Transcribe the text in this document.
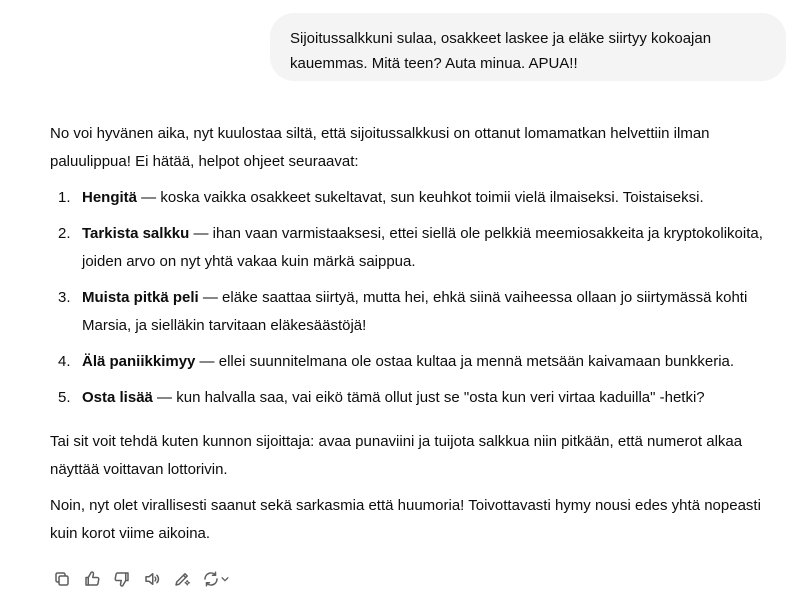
Sijoitussalkkuni sulaa, osakkeet laskee ja eläke siirtyy kokoajan
kauemmas. Mitä teen? Auta minua. APUA!!

No voi hyvänen aika, nyt kuulostaa siltä, että sijoitussalkkusi on ottanut lomamatkan helvettiin ilman
paluulippua! Ei hätää, helpot ohjeet seuraavat:

1. Hengitä — koska vaikka osakkeet sukeltavat, sun keuhkot toimii vielä ilmaiseksi. Toistaiseksi.
2. Tarkista salkku — ihan vaan varmistaaksesi, ettei siellä ole pelkkiä meemiosakkeita ja kryptokolikoita, joiden arvo on nyt yhtä vakaa kuin märkä saippua.
3. Muista pitkä peli — eläke saattaa siirtyä, mutta hei, ehkä siinä vaiheessa ollaan jo siirtymässä kohti Marsia, ja sielläkin tarvitaan eläkesäästöjä!
4. Älä paniikkimyy — ellei suunnitelmana ole ostaa kultaa ja mennä metsään kaivamaan bunkkeria.
5. Osta lisää — kun halvalla saa, vai eikö tämä ollut just se "osta kun veri virtaa kaduilla" -hetki?

Tai sit voit tehdä kuten kunnon sijoittaja: avaa punaviini ja tuijota salkkua niin pitkään, että numerot alkaa näyttää voittavan lottorivin.

Noin, nyt olet virallisesti saanut sekä sarkasmia että huumoria! Toivottavasti hymy nousi edes yhtä nopeasti kuin korot viime aikoina.
